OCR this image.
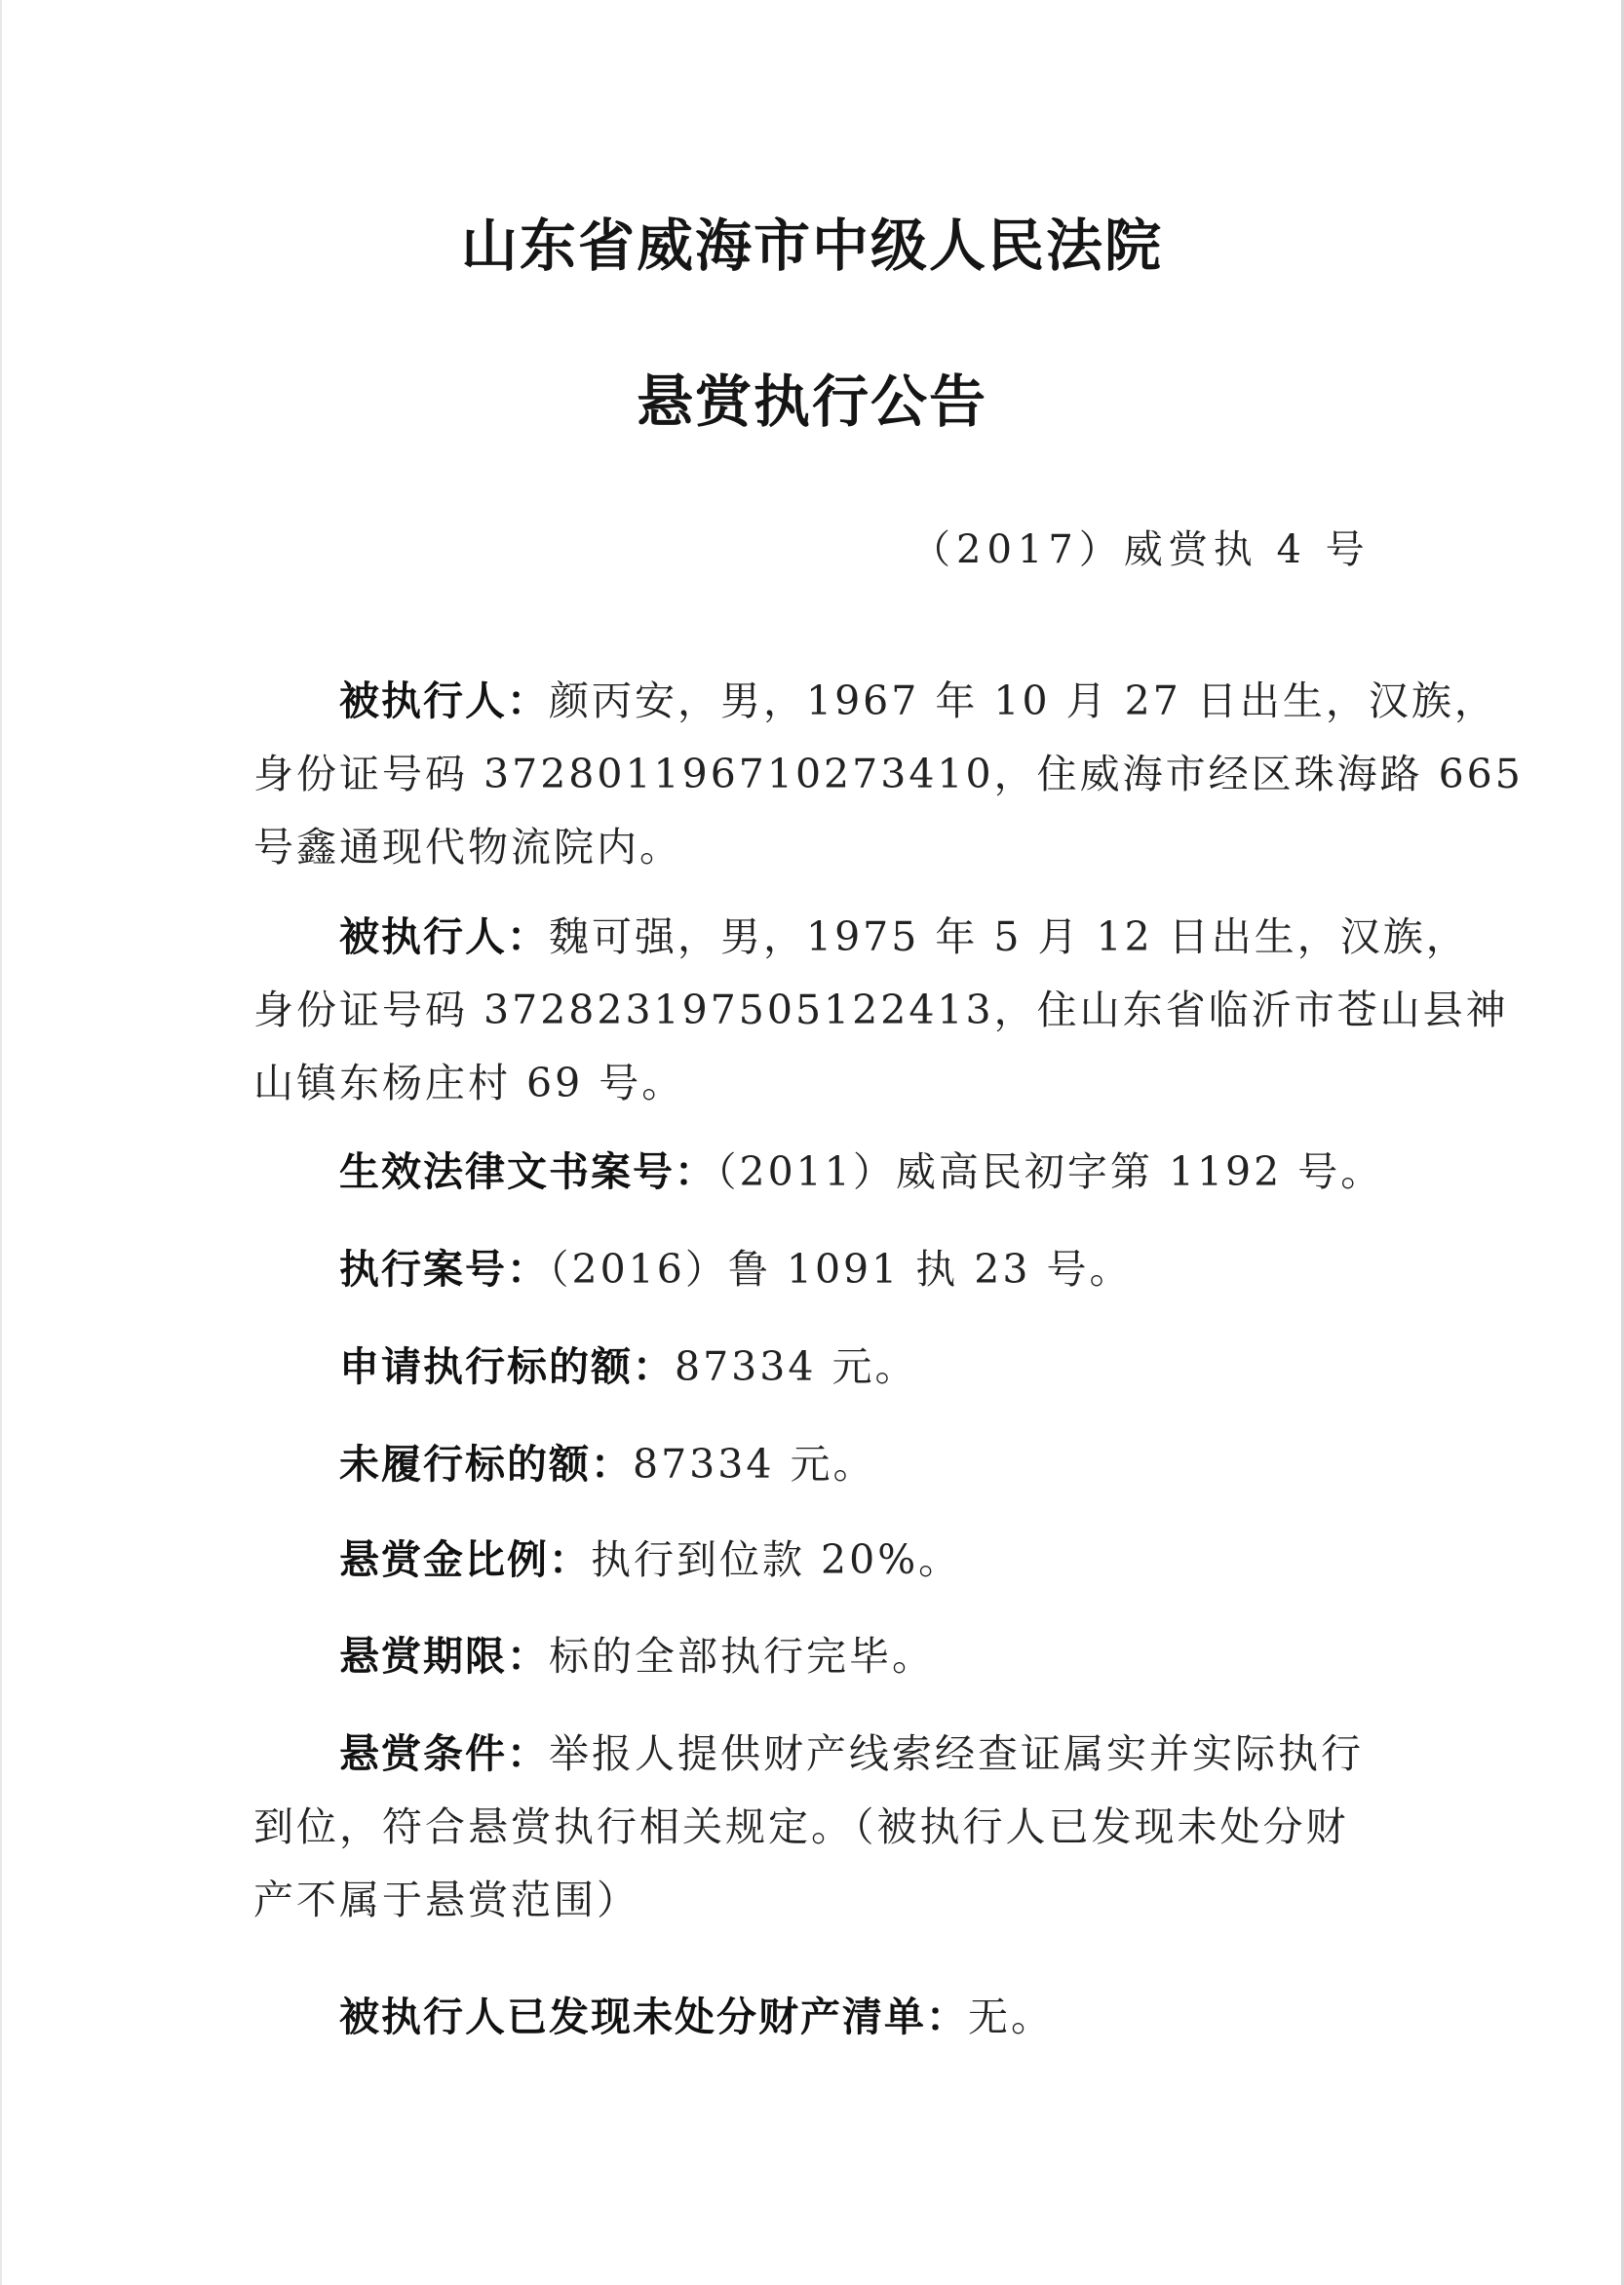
山东省威海市中级人民法院
悬赏执行公告
（2017）威赏执 4 号
被执行人：颜丙安，男，1967 年 10 月 27 日出生，汉族，
身份证号码 372801196710273410，住威海市经区珠海路 665
号鑫通现代物流院内。
被执行人：魏可强，男，1975 年 5 月 12 日出生，汉族，
身份证号码 372823197505122413，住山东省临沂市苍山县神
山镇东杨庄村 69 号。
生效法律文书案号：（2011）威高民初字第 1192 号。
执行案号：（2016）鲁 1091 执 23 号。
申请执行标的额：87334 元。
未履行标的额：87334 元。
悬赏金比例：执行到位款 20%。
悬赏期限：标的全部执行完毕。
悬赏条件：举报人提供财产线索经查证属实并实际执行
到位，符合悬赏执行相关规定。（被执行人已发现未处分财
产不属于悬赏范围）
被执行人已发现未处分财产清单：无。
